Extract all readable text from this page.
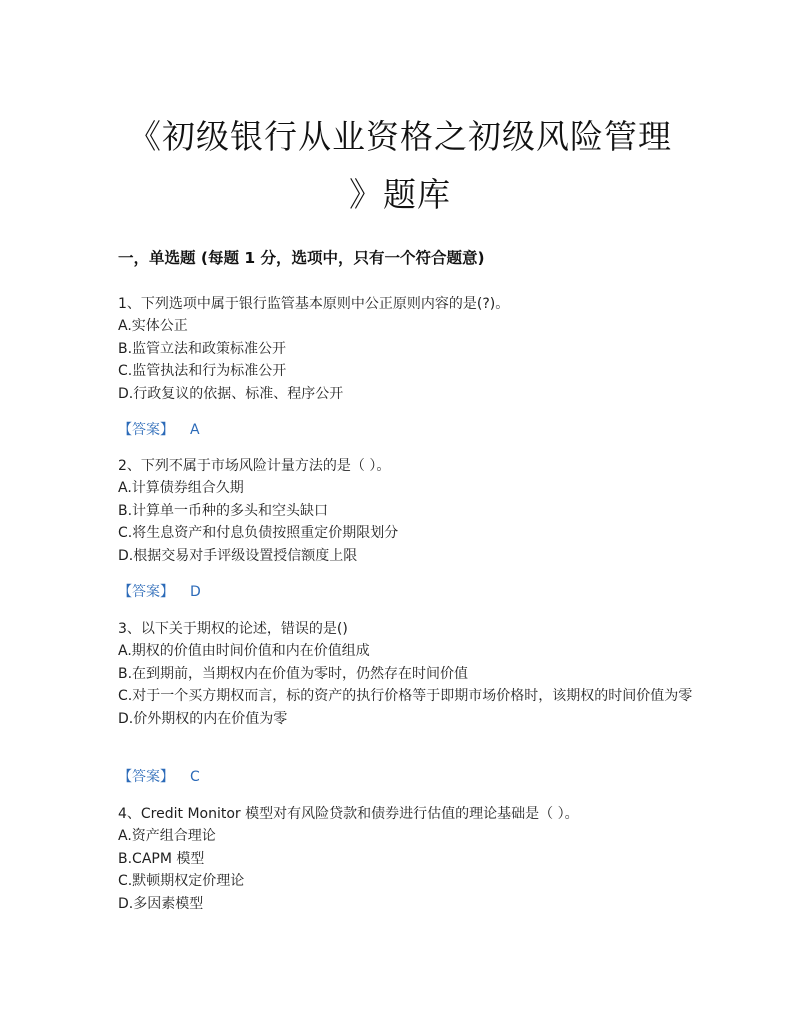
《初级银行从业资格之初级风险管理
》题库
一，单选题 (每题 1 分，选项中，只有一个符合题意)
1、下列选项中属于银行监管基本原则中公正原则内容的是(?)。
A.实体公正
B.监管立法和政策标准公开
C.监管执法和行为标准公开
D.行政复议的依据、标准、程序公开
【答案】 A
2、下列不属于市场风险计量方法的是（ ）。
A.计算债券组合久期
B.计算单一币种的多头和空头缺口
C.将生息资产和付息负债按照重定价期限划分
D.根据交易对手评级设置授信额度上限
【答案】 D
3、以下关于期权的论述，错误的是()
A.期权的价值由时间价值和内在价值组成
B.在到期前，当期权内在价值为零时，仍然存在时间价值
C.对于一个买方期权而言，标的资产的执行价格等于即期市场价格时，该期权的时间价值为零
D.价外期权的内在价值为零
【答案】 C
4、Credit Monitor 模型对有风险贷款和债券进行估值的理论基础是（ ）。
A.资产组合理论
B.CAPM 模型
C.默顿期权定价理论
D.多因素模型
